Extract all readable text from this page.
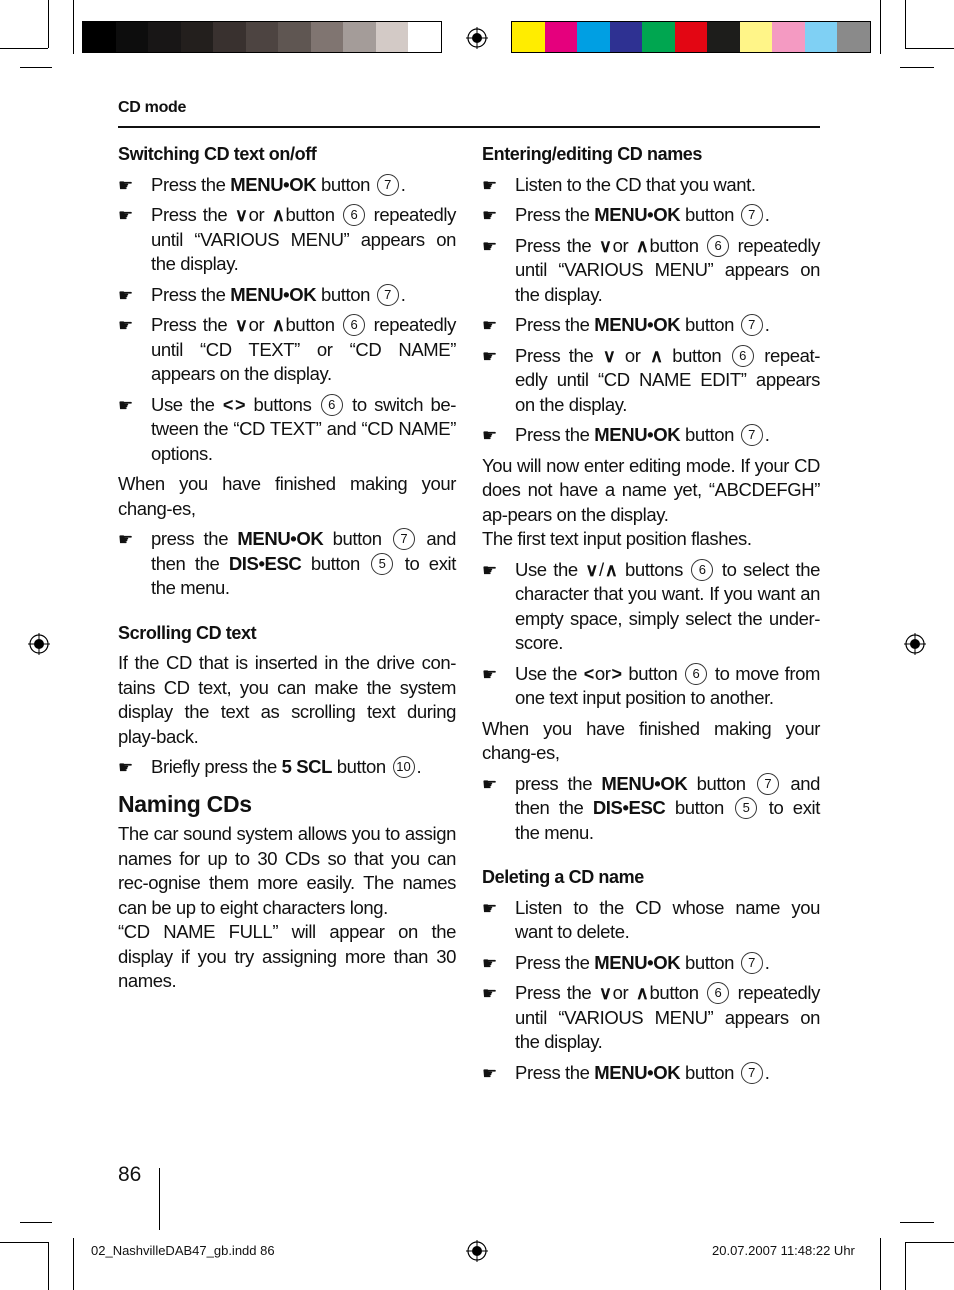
CD mode
Switching CD text on/off
☛ Press the MENU•OK button 7 .
☛ Press the ∨or ∧button 6 repeatedly until “VARIOUS MENU” appears on the display.
☛ Press the MENU•OK button 7 .
☛ Press the ∨or ∧button 6 repeatedly until “CD TEXT” or “CD NAME” appears on the display.
☛ Use the < > buttons 6 to switch be-tween the “CD TEXT” and “CD NAME” options.

When you have finished making your chang-es,

☛ press the MENU•OK button 7 and then the DIS•ESC button 5 to exit the menu.
Scrolling CD text

If the CD that is inserted in the drive con-tains CD text, you can make the system display the text as scrolling text during play-back.

☛ Briefly press the 5 SCL button 10 .
Naming CDs

The car sound system allows you to assign names for up to 30 CDs so that you can rec-ognise them more easily. The names can be up to eight characters long.

“CD NAME FULL” will appear on the display if you try assigning more than 30 names.

Entering/editing CD names
☛ Listen to the CD that you want.
☛ Press the MENU•OK button 7 .
☛ Press the ∨or ∧button 6 repeatedly until “VARIOUS MENU” appears on the display.
☛ Press the MENU•OK button 7 .
☛ Press the ∨ or ∧ button 6 repeat-edly until “CD NAME EDIT” appears on the display.
☛ Press the MENU•OK button 7 .

You will now enter editing mode. If your CD does not have a name yet, “ABCDEFGH” ap-pears on the display.

The first text input position flashes.

☛ Use the ∨/∧ buttons 6 to select the character that you want. If you want an empty space, simply select the under-score.
☛ Use the <or> button 6 to move from one text input position to another.

When you have finished making your chang-es,

☛ press the MENU•OK button 7 and then the DIS•ESC button 5 to exit the menu.
Deleting a CD name
☛ Listen to the CD whose name you want to delete.
☛ Press the MENU•OK button 7 .
☛ Press the ∨or ∧button 6 repeatedly until “VARIOUS MENU” appears on the display.
☛ Press the MENU•OK button 7 .
86
02_NashvilleDAB47_gb.indd 86	20.07.2007 11:48:22 Uhr
